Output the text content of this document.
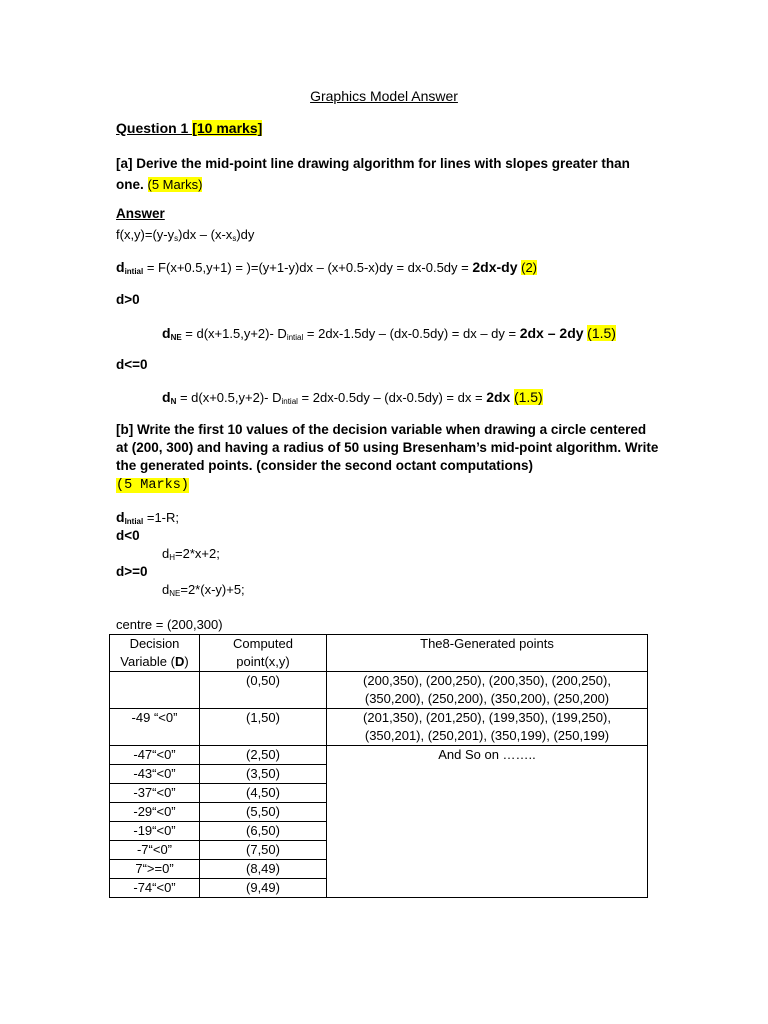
Graphics Model Answer

Question 1 [10 marks]

[a] Derive the mid-point line drawing algorithm for lines with slopes greater than one. (5 Marks)

Answer

$f(x,y)=(y-y_s)dx - (x-x_s)dy$

$d_{intial} = F(x+0.5,y+1) = )=(y+1-y)dx - (x+0.5-x)dy = dx-0.5dy = 2dx-dy$ (2)

d>0

$d_{NE} = d(x+1.5,y+2)-$ $D_{intial} = 2dx-1.5dy - (dx-0.5dy)$ = dx – dy = 2dx – 2dy (1.5)

d<=0

$d_N = d(x+0.5,y+2)-$ $D_{intial} = 2dx-0.5dy - (dx-0.5dy)$ = dx = 2dx (1.5)

[b] Write the first 10 values of the decision variable when drawing a circle centered at (200, 300) and having a radius of 50 using Bresenham’s mid-point algorithm. Write the generated points. (consider the second octant computations)
(5 Marks)

$d_{Intial} =1-R$;

d<0

$d_H=2*x+2$;

d>=0

$d_{NE}=2*(x-y)+5$;

centre = (200,300)

Decision
Variable (D)	Computed
point(x,y)	The8-Generated points
	(0,50)	(200,350), (200,250), (200,350), (200,250),
(350,200), (250,200), (350,200), (250,200)
-49 “<0”	(1,50)	(201,350), (201,250), (199,350), (199,250),
(350,201), (250,201), (350,199), (250,199)
-47“<0”	(2,50)	And So on ……..
-43“<0”	(3,50)	
-37“<0”	(4,50)	
-29“<0”	(5,50)	
-19“<0”	(6,50)	
-7“<0”	(7,50)	
7“>=0”	(8,49)	
-74“<0”	(9,49)	
